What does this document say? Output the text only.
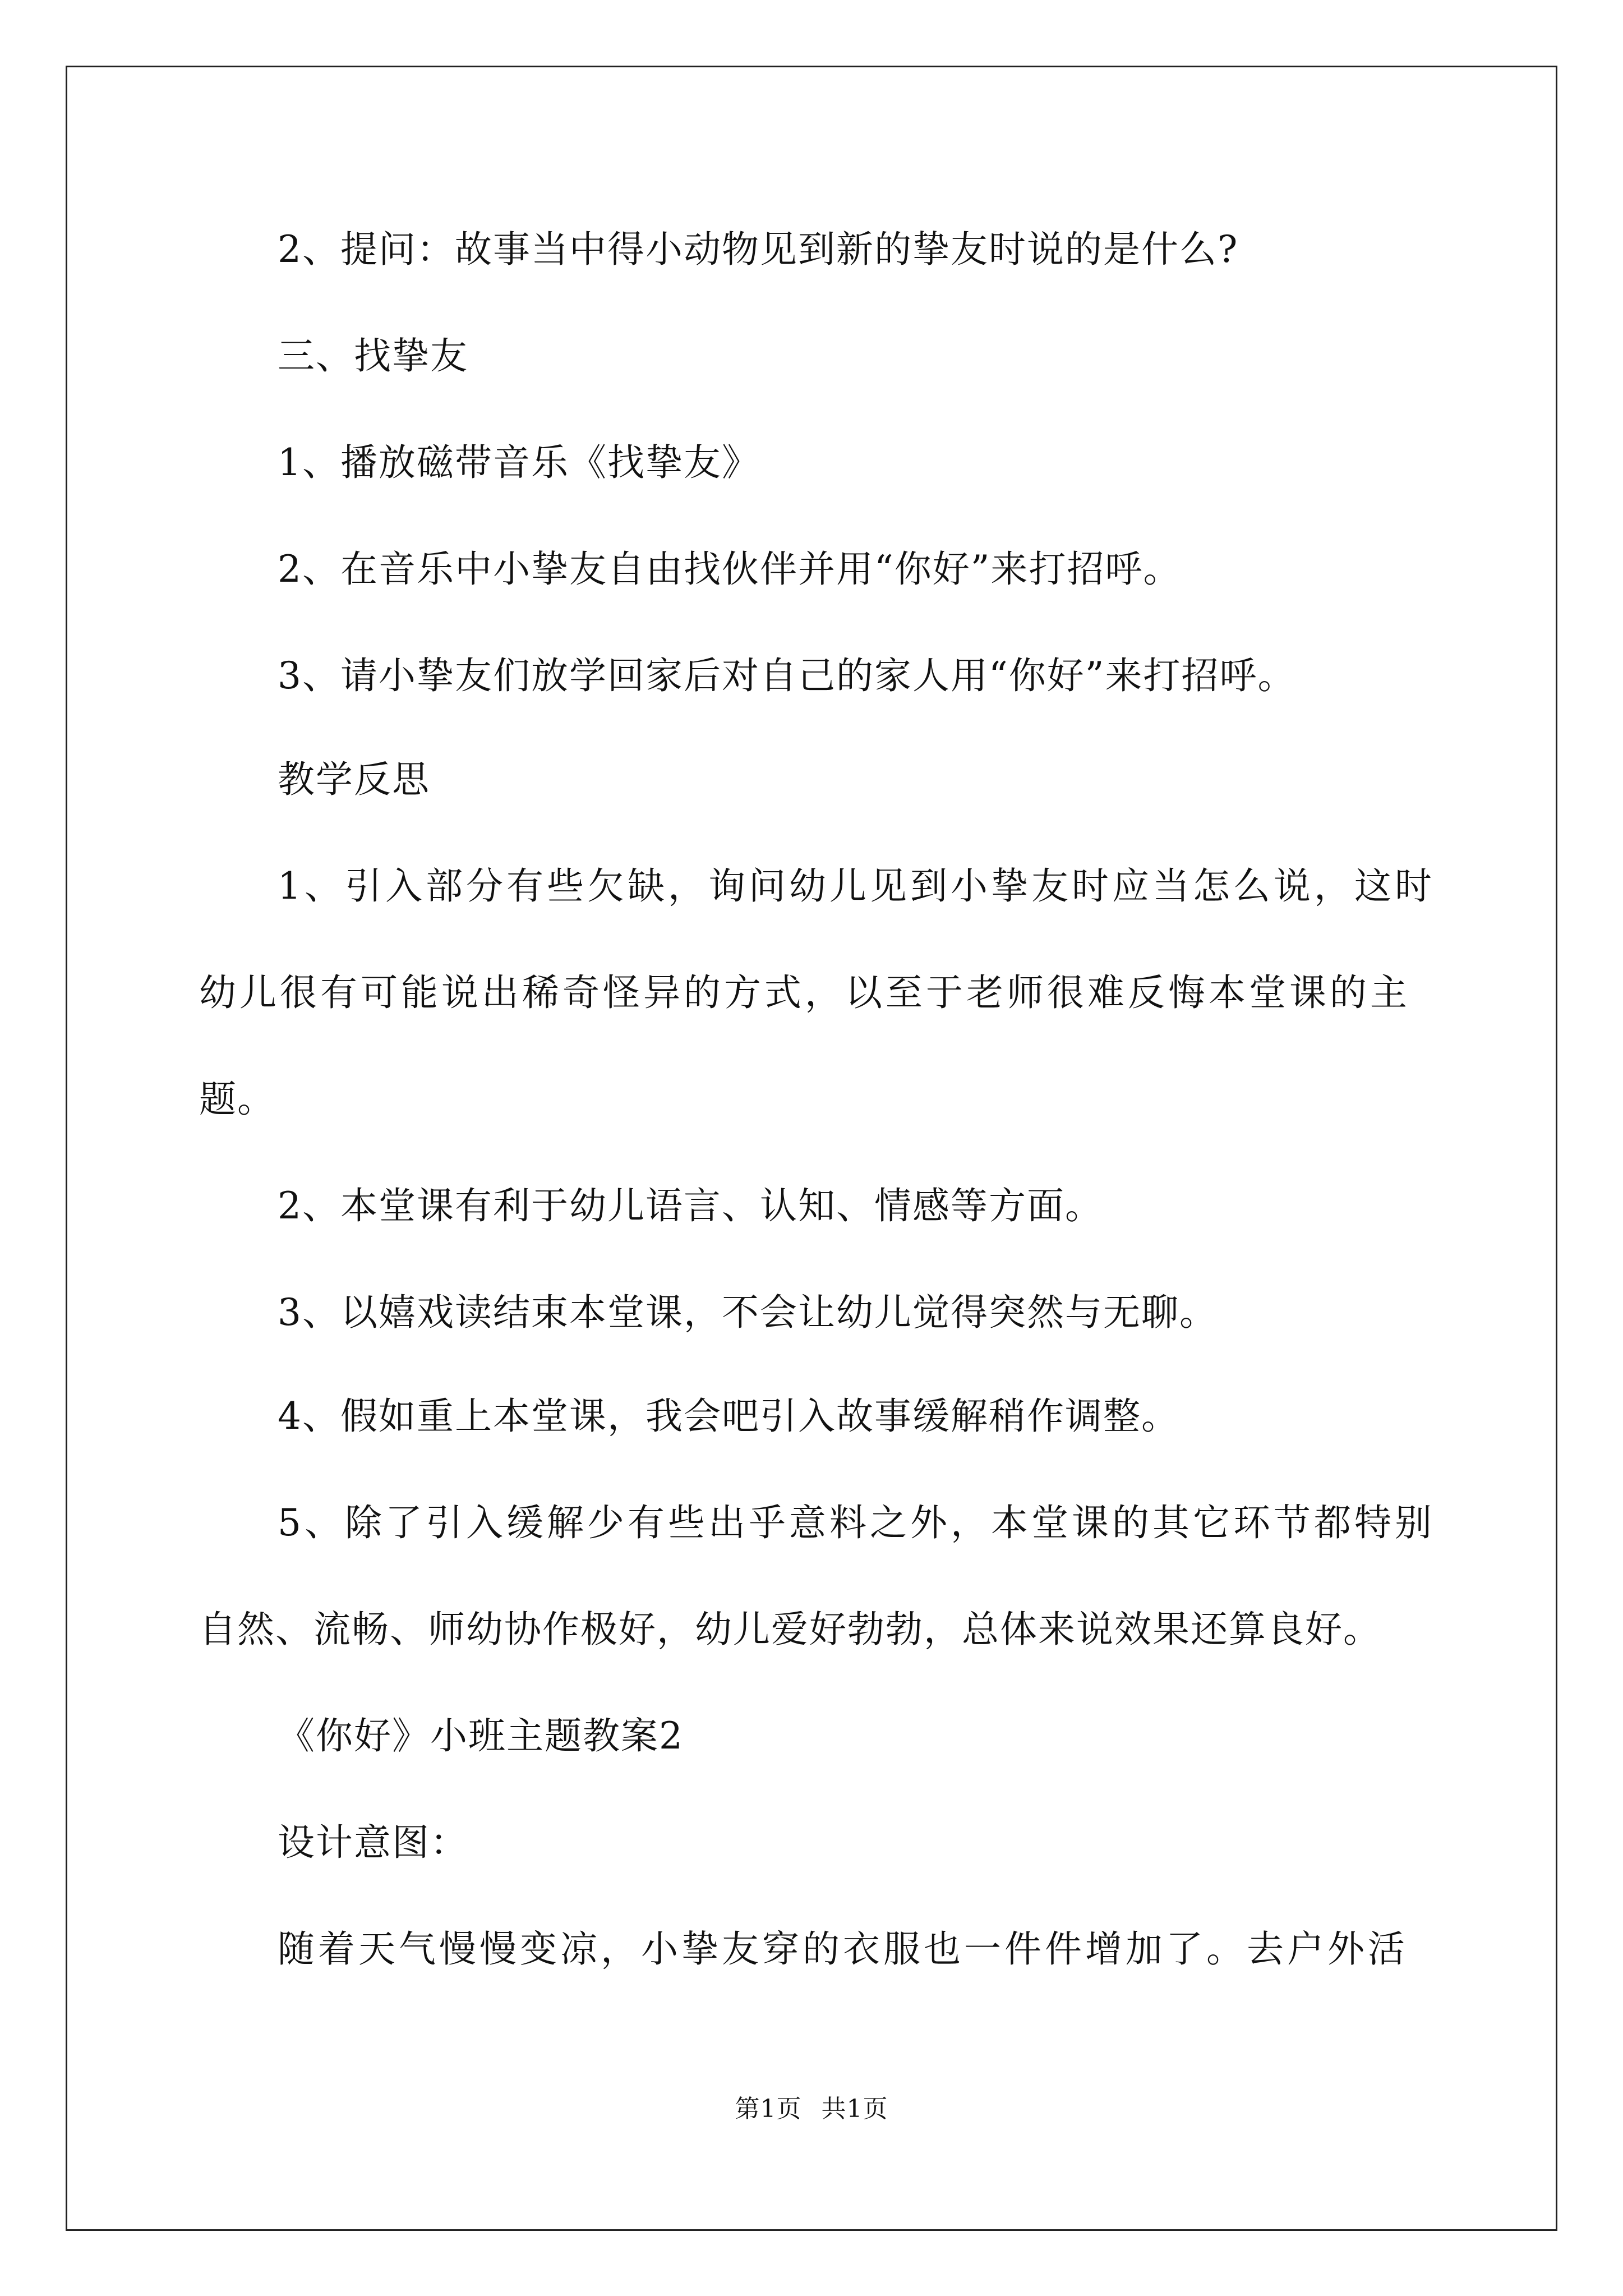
2、提问：故事当中得小动物见到新的挚友时说的是什么?
三、找挚友
1、播放磁带音乐《找挚友》
2、在音乐中小挚友自由找伙伴并用“你好”来打招呼。
3、请小挚友们放学回家后对自己的家人用“你好”来打招呼。
教学反思
1、引入部分有些欠缺，询问幼儿见到小挚友时应当怎么说，这时
幼儿很有可能说出稀奇怪异的方式，以至于老师很难反悔本堂课的主
题。
2、本堂课有利于幼儿语言、认知、情感等方面。
3、以嬉戏读结束本堂课，不会让幼儿觉得突然与无聊。
4、假如重上本堂课，我会吧引入故事缓解稍作调整。
5、除了引入缓解少有些出乎意料之外，本堂课的其它环节都特别
自然、流畅、师幼协作极好，幼儿爱好勃勃，总体来说效果还算良好。
《你好》小班主题教案2
设计意图：
随着天气慢慢变凉，小挚友穿的衣服也一件件增加了。去户外活
第1页 共1页
